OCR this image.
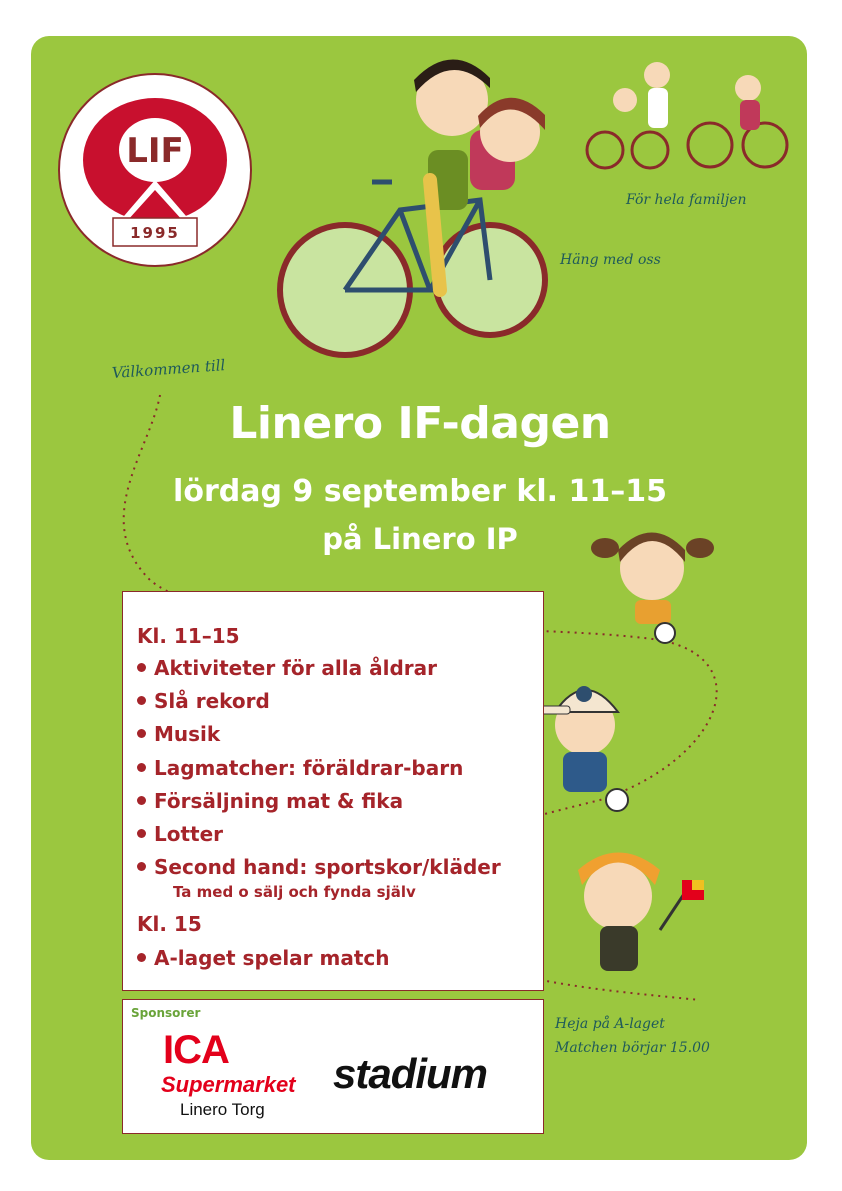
LIF
1995
För hela familjen
Häng med oss
Välkommen till
Linero IF-dagen
lördag 9 september kl. 11–15
på Linero IP
Kl. 11–15
Aktiviteter för alla åldrar
Slå rekord
Musik
Lagmatcher: föräldrar-barn
Försäljning mat & fika
Lotter
Second hand: sportskor/kläder
Ta med o sälj och fynda själv
Kl. 15
A-laget spelar match
Sponsorer
ICA
Supermarket
Linero Torg
stadium
Heja på A-laget
Matchen börjar 15.00
